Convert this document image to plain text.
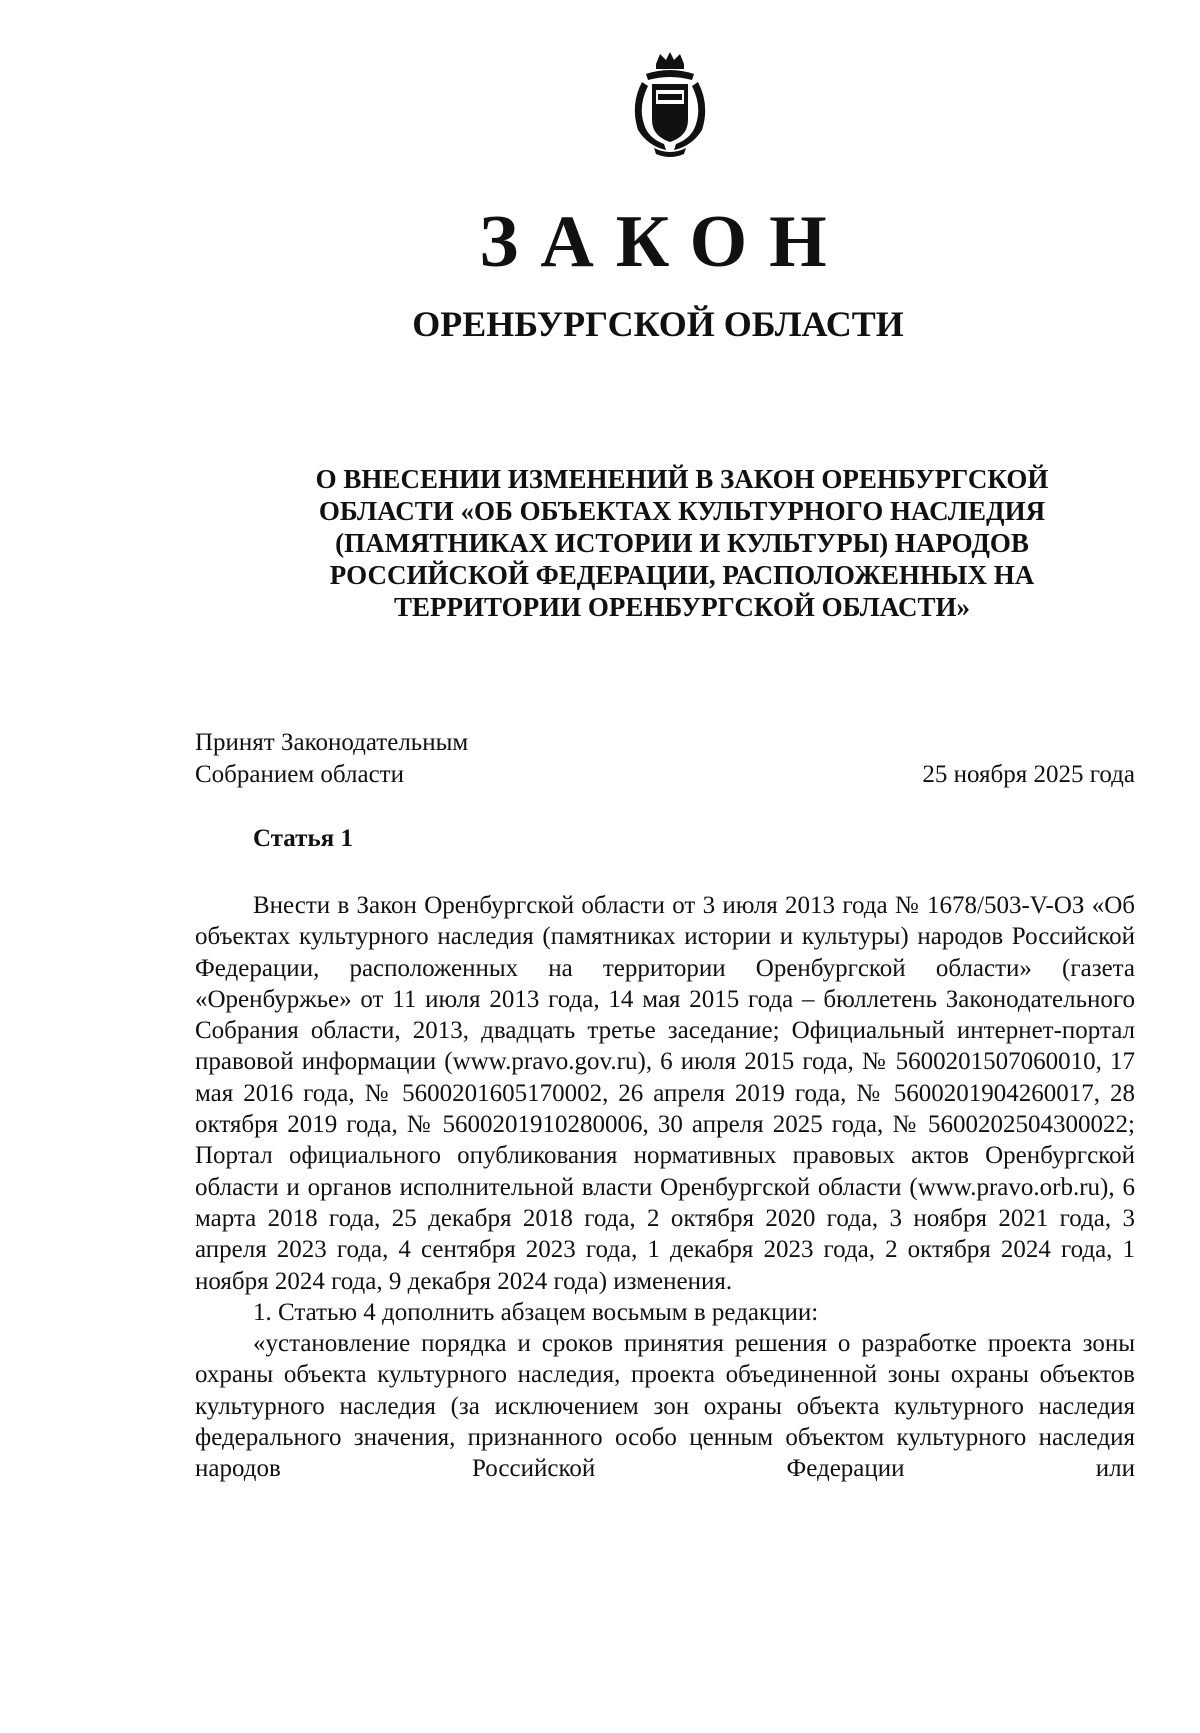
ЗАКОН
ОРЕНБУРГСКОЙ ОБЛАСТИ
О ВНЕСЕНИИ ИЗМЕНЕНИЙ В ЗАКОН ОРЕНБУРГСКОЙ
ОБЛАСТИ «ОБ ОБЪЕКТАХ КУЛЬТУРНОГО НАСЛЕДИЯ
(ПАМЯТНИКАХ ИСТОРИИ И КУЛЬТУРЫ) НАРОДОВ
РОССИЙСКОЙ ФЕДЕРАЦИИ, РАСПОЛОЖЕННЫХ НА
ТЕРРИТОРИИ ОРЕНБУРГСКОЙ ОБЛАСТИ»
Принят Законодательным
Собранием области	25 ноября 2025 года
Статья 1

Внести в Закон Оренбургской области от 3 июля 2013 года № 1678/503-V-ОЗ «Об объектах культурного наследия (памятниках истории и культуры) народов Российской Федерации, расположенных на территории Оренбургской области» (газета «Оренбуржье» от 11 июля 2013 года, 14 мая 2015 года – бюллетень Законодательного Собрания области, 2013, двадцать третье заседание; Официальный интернет-портал правовой информации (www.pravo.gov.ru), 6 июля 2015 года, № 5600201507060010, 17 мая 2016 года, № 5600201605170002, 26 апреля 2019 года, № 5600201904260017, 28 октября 2019 года, № 5600201910280006, 30 апреля 2025 года, № 5600202504300022; Портал официального опубликования нормативных правовых актов Оренбургской области и органов исполнительной власти Оренбургской области (www.pravo.orb.ru), 6 марта 2018 года, 25 декабря 2018 года, 2 октября 2020 года, 3 ноября 2021 года, 3 апреля 2023 года, 4 сентября 2023 года, 1 декабря 2023 года, 2 октября 2024 года, 1 ноября 2024 года, 9 декабря 2024 года) изменения.

1. Статью 4 дополнить абзацем восьмым в редакции:

«установление порядка и сроков принятия решения о разработке проекта зоны охраны объекта культурного наследия, проекта объединенной зоны охраны объектов культурного наследия (за исключением зон охраны объекта культурного наследия федерального значения, признанного особо ценным объектом культурного наследия народов Российской Федерации или
